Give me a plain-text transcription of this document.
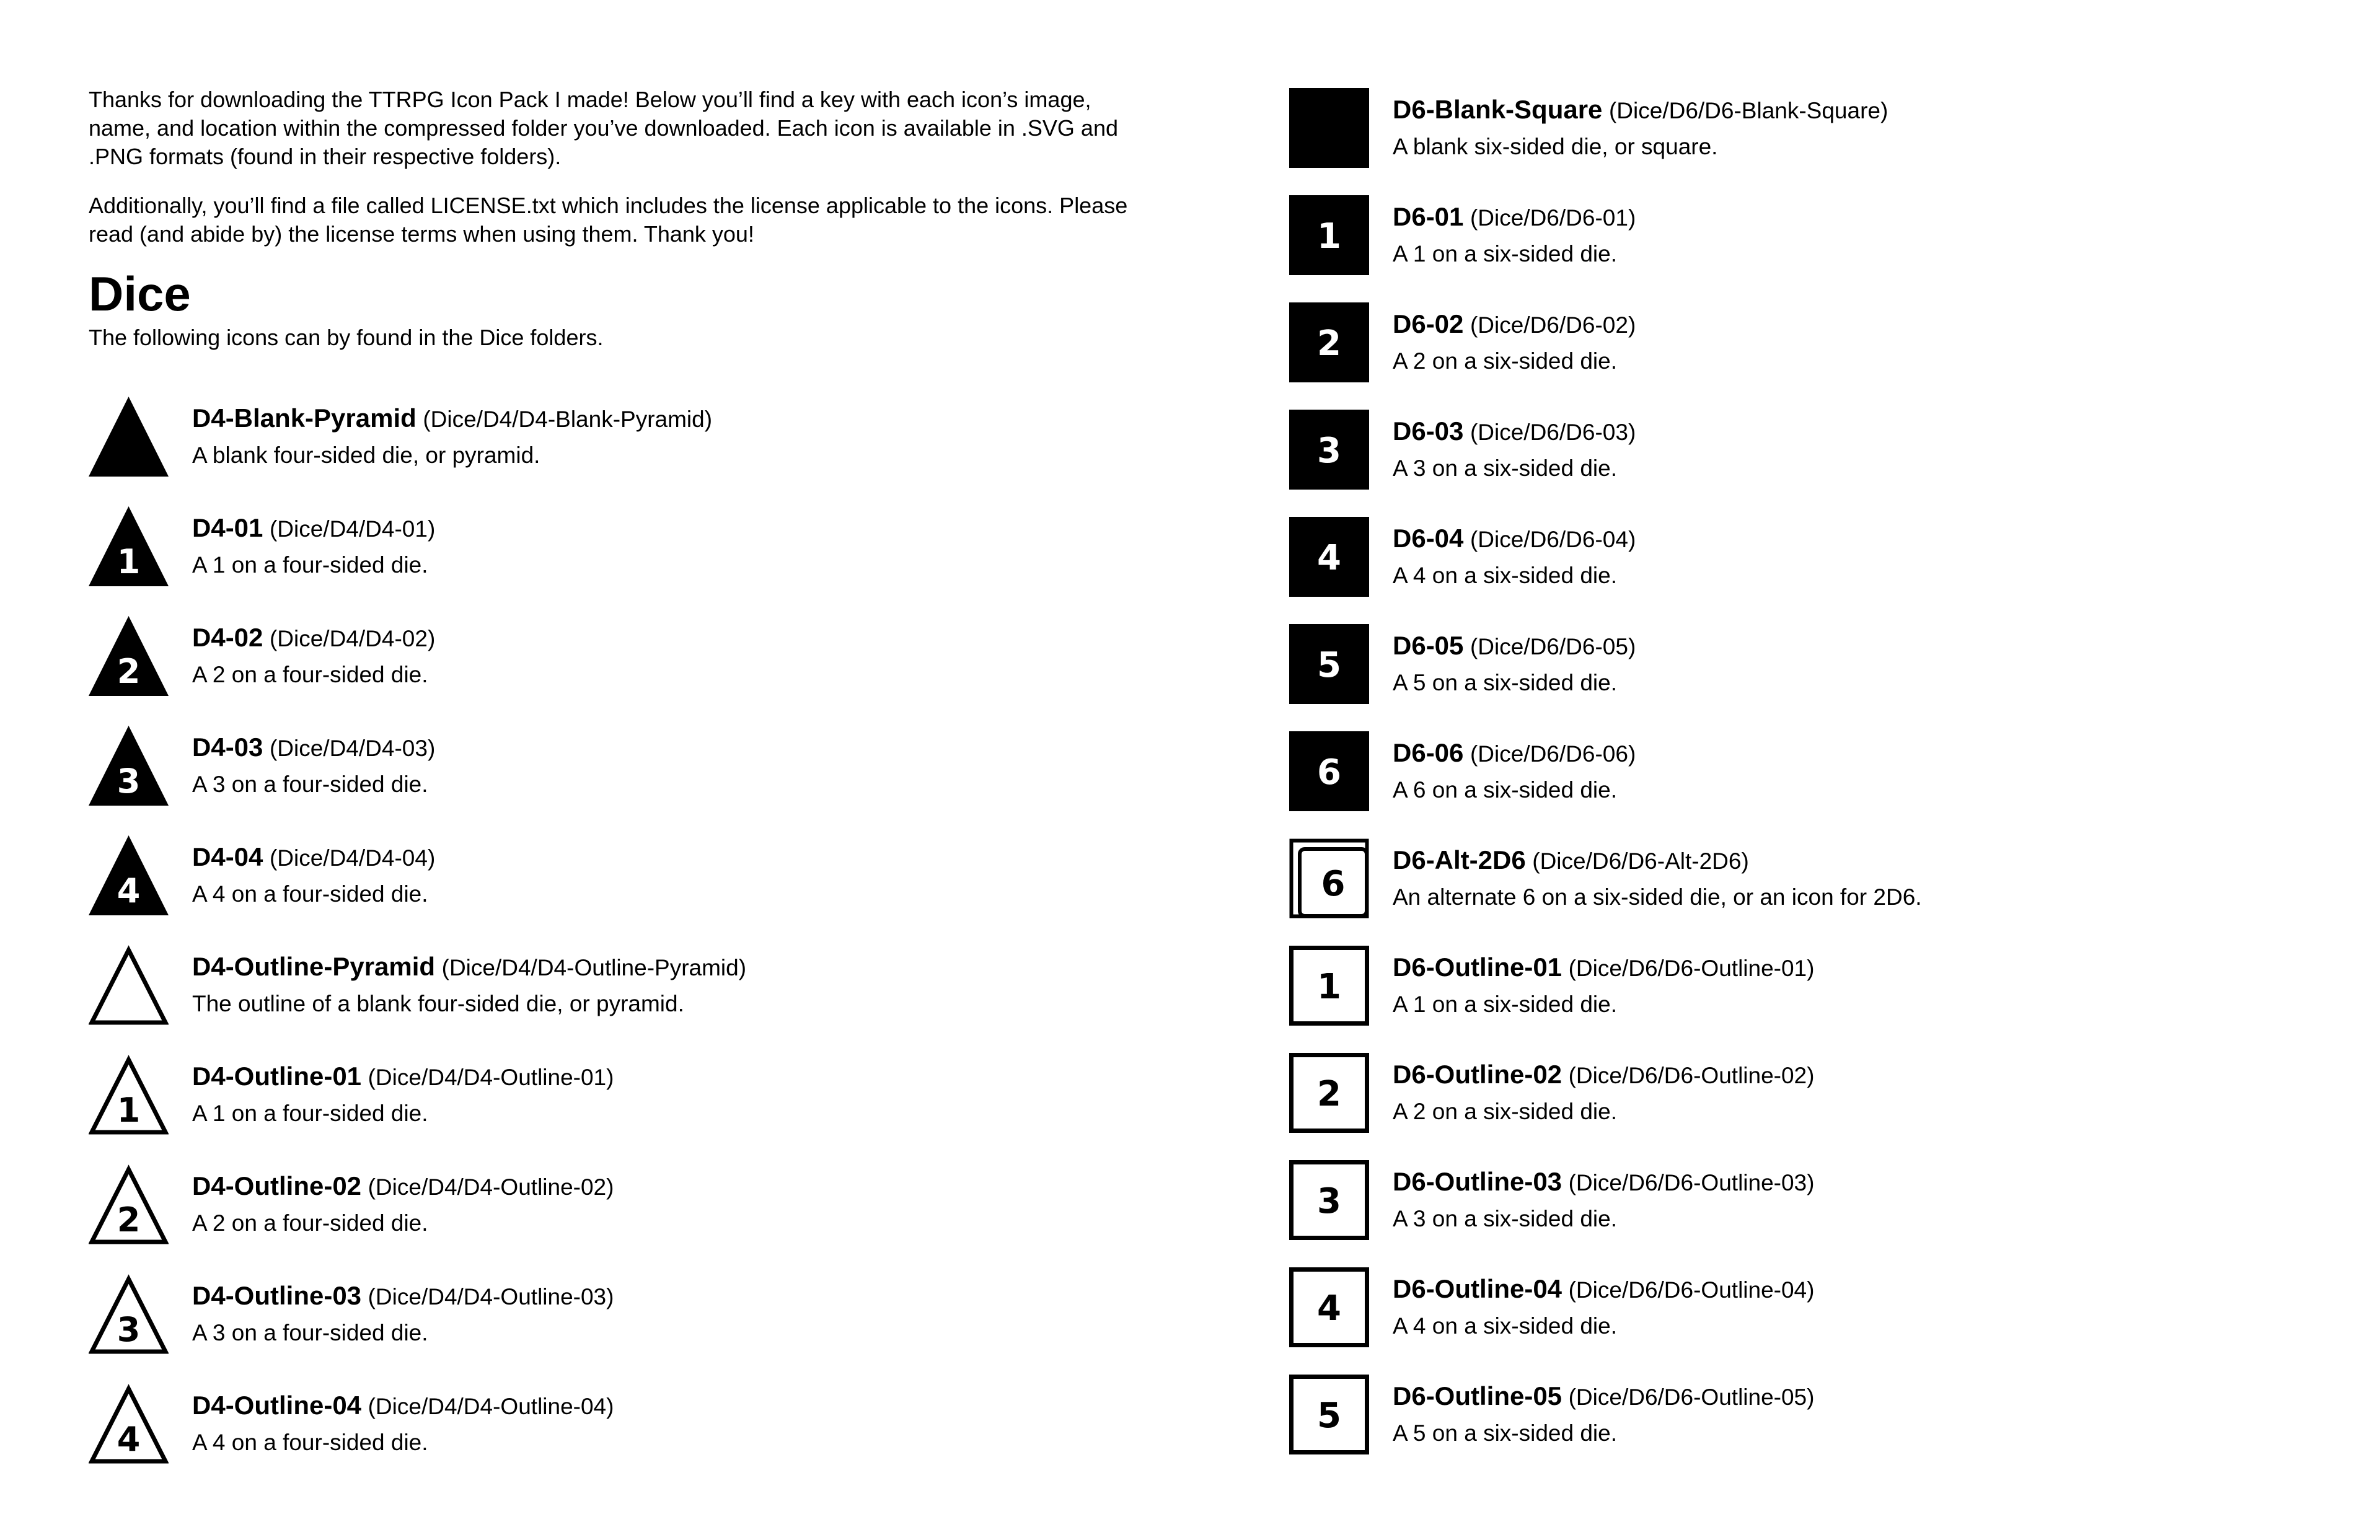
Thanks for downloading the TTRPG Icon Pack I made! Below you’ll find a key with each icon’s image, name, and location within the compressed folder you’ve downloaded. Each icon is available in .SVG and .PNG formats (found in their respective folders).

Additionally, you’ll find a file called LICENSE.txt which includes the license applicable to the icons. Please read (and abide by) the license terms when using them. Thank you!

Dice
The following icons can by found in the Dice folders.
D4-Blank-Pyramid (Dice/D4/D4-Blank-Pyramid)
A blank four-sided die, or pyramid.
1
D4-01 (Dice/D4/D4-01)
A 1 on a four-sided die.
2
D4-02 (Dice/D4/D4-02)
A 2 on a four-sided die.
3
D4-03 (Dice/D4/D4-03)
A 3 on a four-sided die.
4
D4-04 (Dice/D4/D4-04)
A 4 on a four-sided die.
D4-Outline-Pyramid (Dice/D4/D4-Outline-Pyramid)
The outline of a blank four-sided die, or pyramid.
1
D4-Outline-01 (Dice/D4/D4-Outline-01)
A 1 on a four-sided die.
2
D4-Outline-02 (Dice/D4/D4-Outline-02)
A 2 on a four-sided die.
3
D4-Outline-03 (Dice/D4/D4-Outline-03)
A 3 on a four-sided die.
4
D4-Outline-04 (Dice/D4/D4-Outline-04)
A 4 on a four-sided die.
D6-Blank-Square (Dice/D6/D6-Blank-Square)
A blank six-sided die, or square.
1 D6-01 (Dice/D6/D6-01)
A 1 on a six-sided die.
2 D6-02 (Dice/D6/D6-02)
A 2 on a six-sided die.
3 D6-03 (Dice/D6/D6-03)
A 3 on a six-sided die.
4 D6-04 (Dice/D6/D6-04)
A 4 on a six-sided die.
5 D6-05 (Dice/D6/D6-05)
A 5 on a six-sided die.
6 D6-06 (Dice/D6/D6-06)
A 6 on a six-sided die.
6
D6-Alt-2D6 (Dice/D6/D6-Alt-2D6)
An alternate 6 on a six-sided die, or an icon for 2D6.
1 D6-Outline-01 (Dice/D6/D6-Outline-01)
A 1 on a six-sided die.
2 D6-Outline-02 (Dice/D6/D6-Outline-02)
A 2 on a six-sided die.
3 D6-Outline-03 (Dice/D6/D6-Outline-03)
A 3 on a six-sided die.
4 D6-Outline-04 (Dice/D6/D6-Outline-04)
A 4 on a six-sided die.
5 D6-Outline-05 (Dice/D6/D6-Outline-05)
A 5 on a six-sided die.
